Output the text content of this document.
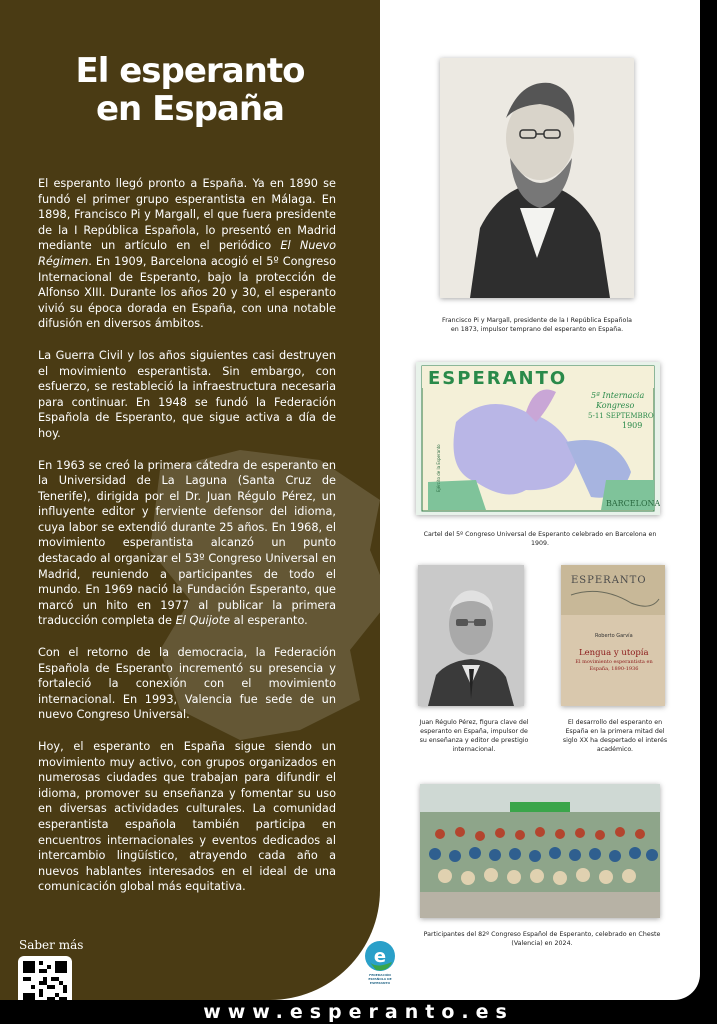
El esperanto
en España

El esperanto llegó pronto a España. Ya en 1890 se fundó el primer grupo esperantista en Málaga. En 1898, Francisco Pi y Margall, el que fuera presidente de la I República Española, lo presentó en Madrid mediante un artículo en el periódico El Nuevo Régimen. En 1909, Barcelona acogió el 5º Congreso Internacional de Esperanto, bajo la protección de Alfonso XIII. Durante los años 20 y 30, el esperanto vivió su época dorada en España, con una notable difusión en diversos ámbitos.

La Guerra Civil y los años siguientes casi destruyen el movimiento esperantista. Sin embargo, con esfuerzo, se restableció la infraestructura necesaria para continuar. En 1948 se fundó la Federación Española de Esperanto, que sigue activa a día de hoy.

En 1963 se creó la primera cátedra de esperanto en la Universidad de La Laguna (Santa Cruz de Tenerife), dirigida por el Dr. Juan Régulo Pérez, un influyente editor y ferviente defensor del idioma, cuya labor se extendió durante 25 años. En 1968, el movimiento esperantista alcanzó un punto destacado al organizar el 53º Congreso Universal en Madrid, reuniendo a participantes de todo el mundo. En 1969 nació la Fundación Esperanto, que marcó un hito en 1977 al publicar la primera traducción completa de El Quijote al esperanto.

Con el retorno de la democracia, la Federación Española de Esperanto incrementó su presencia y fortaleció la conexión con el movimiento internacional. En 1993, Valencia fue sede de un nuevo Congreso Universal.

Hoy, el esperanto en España sigue siendo un movimiento muy activo, con grupos organizados en numerosas ciudades que trabajan para difundir el idioma, promover su enseñanza y fomentar su uso en diversas actividades culturales. La comunidad esperantista española también participa en encuentros internacionales y eventos dedicados al intercambio lingüístico, atrayendo cada año a nuevos hablantes interesados en el ideal de una comunicación global más equitativa.

Saber más
Francisco Pi y Margall, presidente de la I República Española en 1873, impulsor temprano del esperanto en España.
ESPERANTO
5ª Internacia
Kongreso
5-11 SEPTEMBRO
1909
BARCELONA
Ejército de la Esperanto
Cartel del 5º Congreso Universal de Esperanto celebrado en Barcelona en 1909.
Juan Régulo Pérez, figura clave del esperanto en España, impulsor de su enseñanza y editor de prestigio internacional.
ESPERANTO
Roberto Garvía
Lengua y utopía
El movimiento esperantista en España, 1890-1936
El desarrollo del esperanto en España en la primera mitad del siglo XX ha despertado el interés académico.
Participantes del 82º Congreso Español de Esperanto, celebrado en Cheste (Valencia) en 2024.
e
FEDERACIÓN ESPAÑOLA DE ESPERANTO
www.esperanto.es
